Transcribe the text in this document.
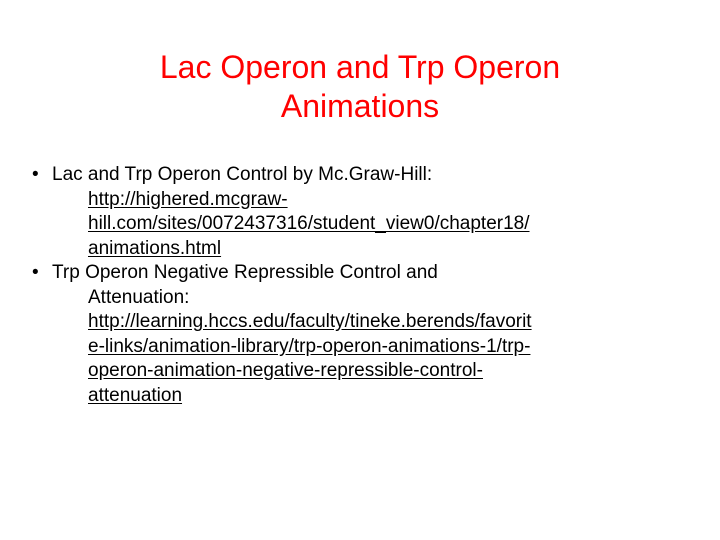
Lac Operon and Trp Operon
Animations
• Lac and Trp Operon Control by Mc.Graw-Hill:
http://highered.mcgraw-
hill.com/sites/0072437316/student_view0/chapter18/
animations.html
• Trp Operon Negative Repressible Control and
Attenuation:
http://learning.hccs.edu/faculty/tineke.berends/favorit
e-links/animation-library/trp-operon-animations-1/trp-
operon-animation-negative-repressible-control-
attenuation
